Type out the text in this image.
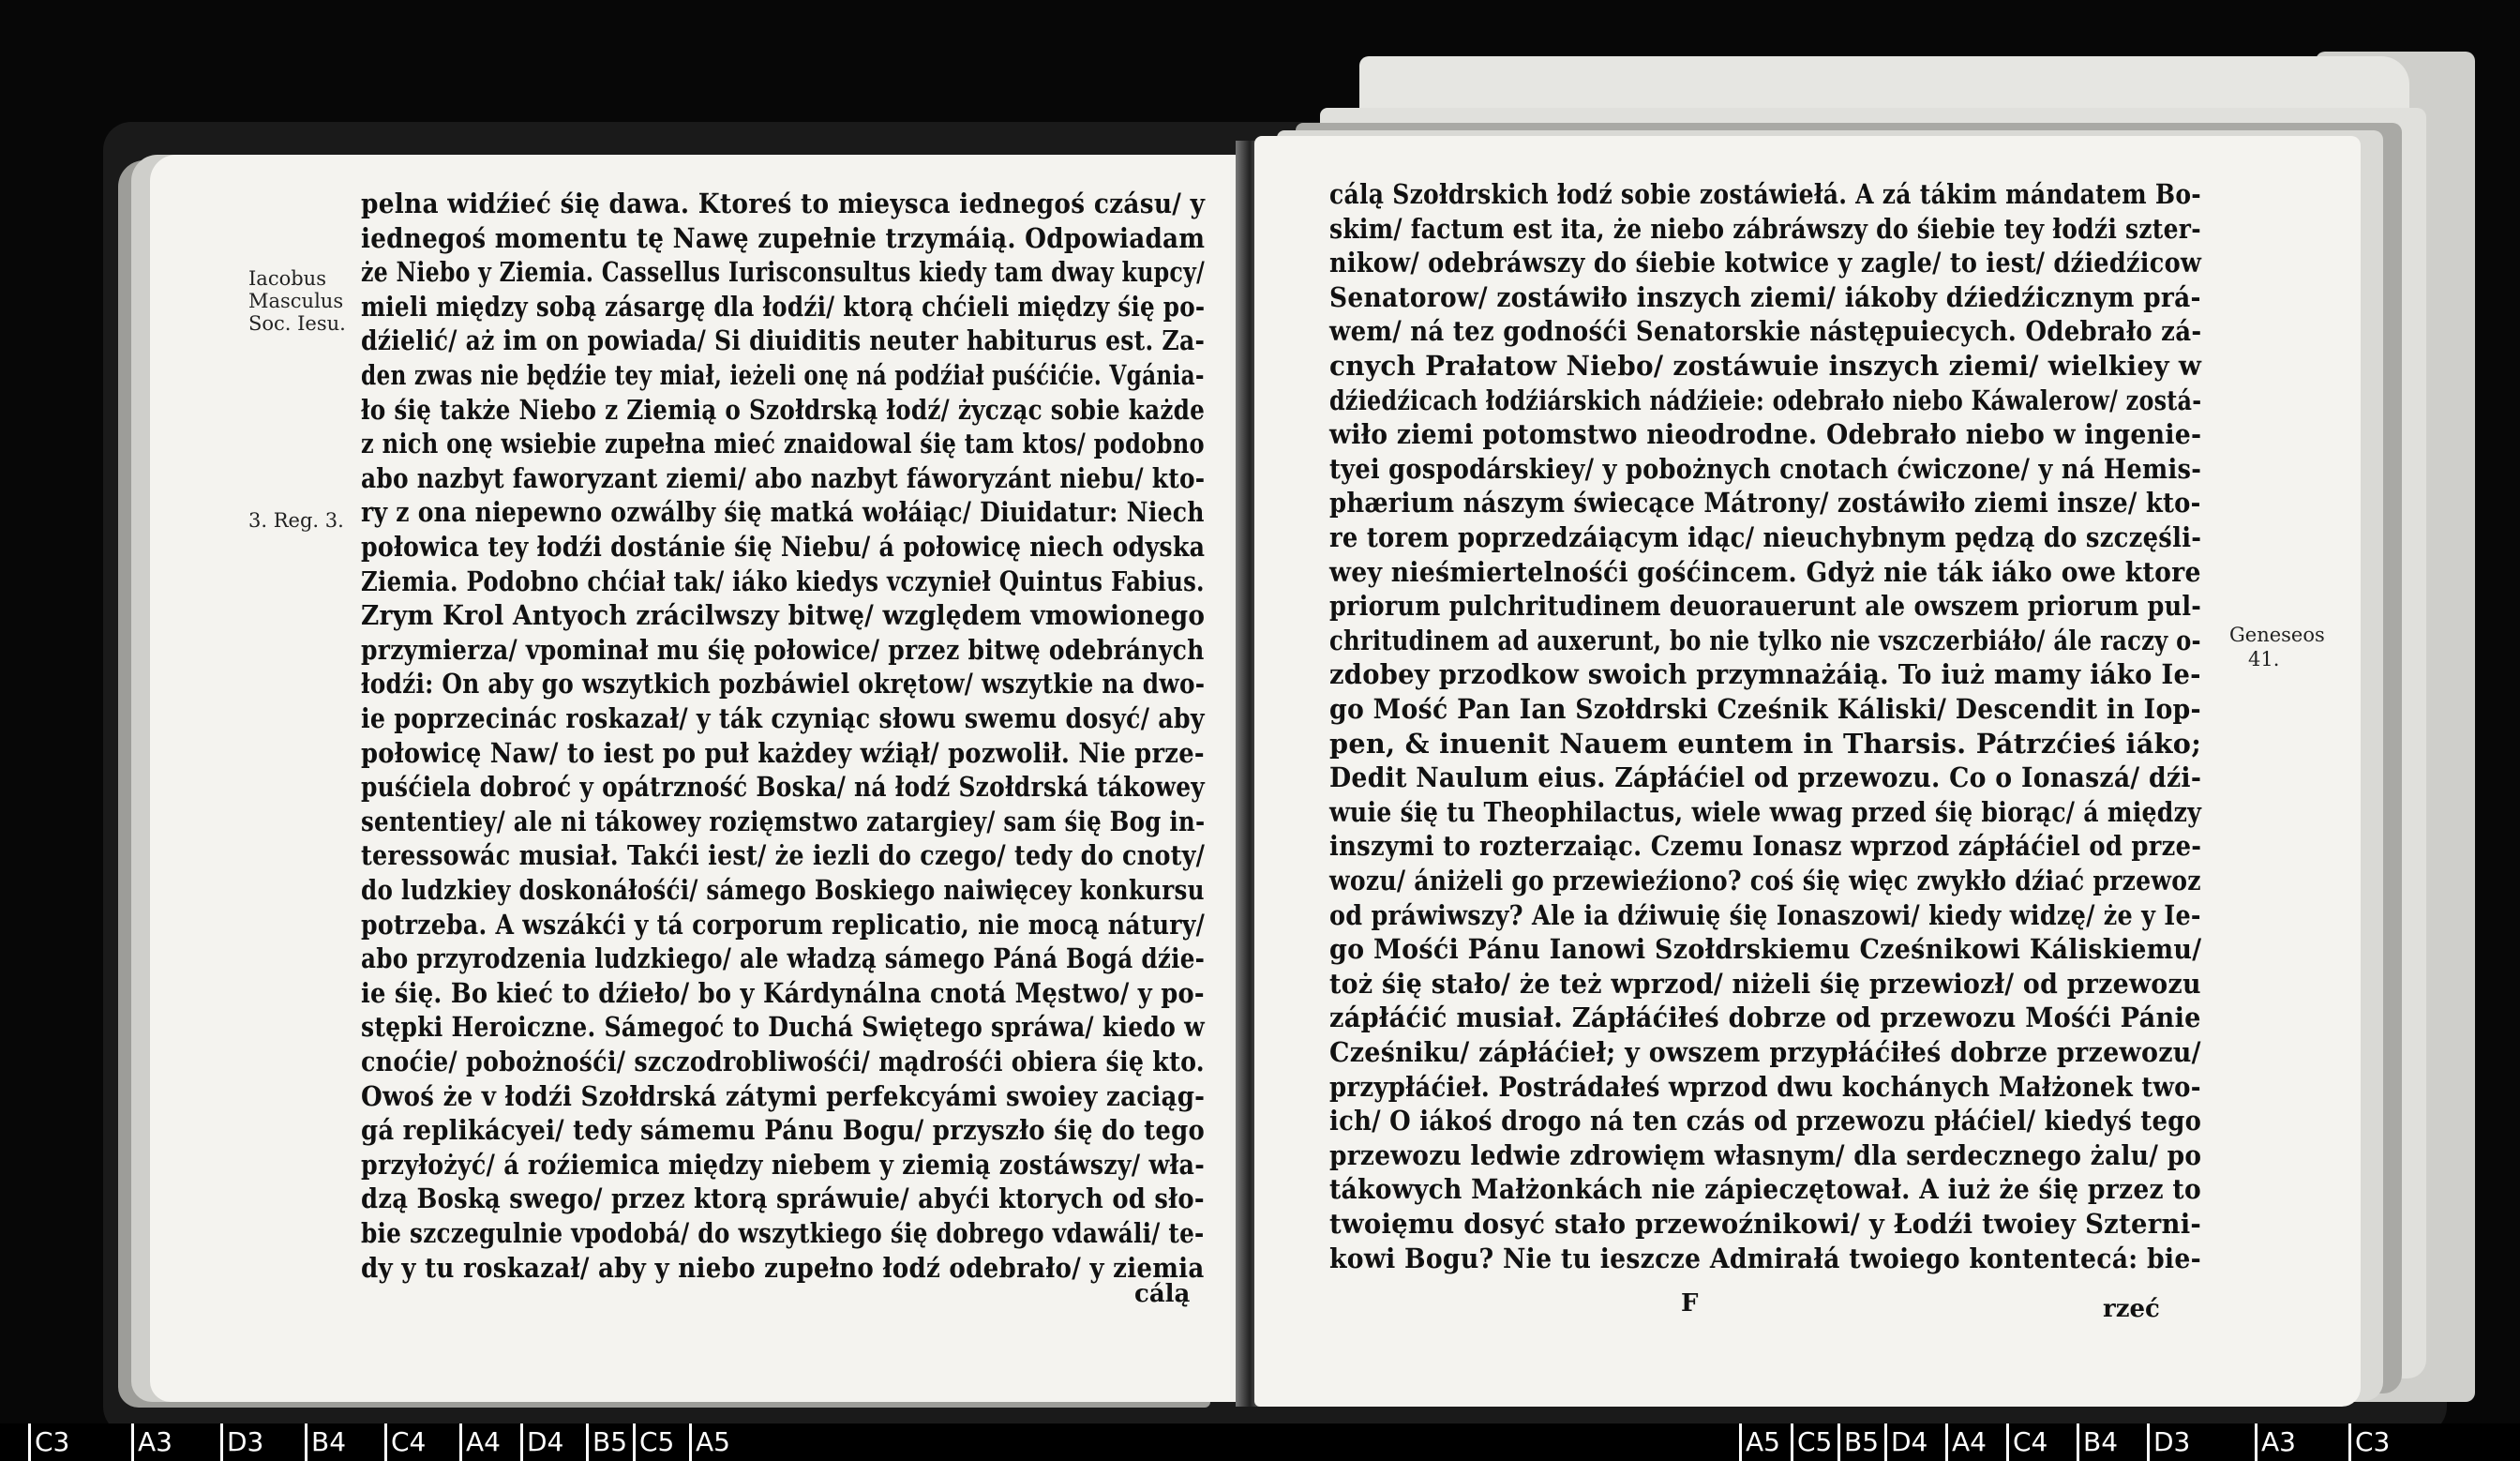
Iacobus
Masculus
Soc. Iesu.
3. Reg. 3.
pelna widźieć śię dawa. Ktoreś to mieysca iednegoś czásu/ y
iednegoś momentu tę Nawę zupełnie trzymáią. Odpowiadam
że Niebo y Ziemia. Cassellus Iurisconsultus kiedy tam dway kupcy/
mieli między sobą zásargę dla łodźi/ ktorą chćieli między śię po-
dźielić/ aż im on powiada/ Si diuiditis neuter habiturus est. Za-
den zwas nie będźie tey miał, ieżeli onę ná podźiał puśćićie. Vgánia-
ło śię także Niebo z Ziemią o Szołdrską łodź/ życząc sobie każde
z nich onę wsiebie zupełna mieć znaidowal śię tam ktos/ podobno
abo nazbyt faworyzant ziemi/ abo nazbyt fáworyzánt niebu/ kto-
ry z ona niepewno ozwálby śię matká wołáiąc/ Diuidatur: Niech
połowica tey łodźi dostánie śię Niebu/ á połowicę niech odyska
Ziemia. Podobno chćiał tak/ iáko kiedys vczynieł Quintus Fabius.
Zrym Krol Antyoch zrácilwszy bitwę/ względem vmowionego
przymierza/ vpominał mu śię połowice/ przez bitwę odebránych
łodźi: On aby go wszytkich pozbáwiel okrętow/ wszytkie na dwo-
ie poprzecinác roskazał/ y ták czyniąc słowu swemu dosyć/ aby
połowicę Naw/ to iest po puł każdey wźiął/ pozwolił. Nie prze-
puśćiela dobroć y opátrzność Boska/ ná łodź Szołdrská tákowey
sententiey/ ale ni tákowey rozięmstwo zatargiey/ sam śię Bog in-
teressowác musiał. Takći iest/ że iezli do czego/ tedy do cnoty/
do ludzkiey doskonáłośći/ sámego Boskiego naiwięcey konkursu
potrzeba. A wszákći y tá corporum replicatio, nie mocą nátury/
abo przyrodzenia ludzkiego/ ale władzą sámego Páná Bogá dźie-
ie śię. Bo kieć to dźieło/ bo y Kárdynálna cnotá Męstwo/ y po-
stępki Heroiczne. Sámegoć to Duchá Swiętego spráwa/ kiedo w
cnoćie/ pobożnośći/ szczodrobliwośći/ mądrośći obiera śię kto.
Owoś że v łodźi Szołdrská zátymi perfekcyámi swoiey zaciąg-
gá replikácyei/ tedy sámemu Pánu Bogu/ przyszło śię do tego
przyłożyć/ á roźiemica między niebem y ziemią zostáwszy/ wła-
dzą Boską swego/ przez ktorą spráwuie/ abyći ktorych od sło-
bie szczegulnie vpodobá/ do wszytkiego śię dobrego vdawáli/ te-
dy y tu roskazał/ aby y niebo zupełno łodź odebrało/ y ziemia
cálą
cálą Szołdrskich łodź sobie zostáwiełá. A zá tákim mándatem Bo-
skim/ factum est ita, że niebo zábráwszy do śiebie tey łodźi szter-
nikow/ odebráwszy do śiebie kotwice y zagle/ to iest/ dźiedźicow
Senatorow/ zostáwiło inszych ziemi/ iákoby dźiedźicznym prá-
wem/ ná tez godnośći Senatorskie nástępuiecych. Odebrało zá-
cnych Prałatow Niebo/ zostáwuie inszych ziemi/ wielkiey w
dźiedźicach łodźiárskich nádźieie: odebrało niebo Káwalerow/ zostá-
wiło ziemi potomstwo nieodrodne. Odebrało niebo w ingenie-
tyei gospodárskiey/ y pobożnych cnotach ćwiczone/ y ná Hemis-
phærium nászym świecące Mátrony/ zostáwiło ziemi insze/ kto-
re torem poprzedzáiącym idąc/ nieuchybnym pędzą do szczęśli-
wey nieśmiertelnośći gośćincem. Gdyż nie ták iáko owe ktore
priorum pulchritudinem deuorauerunt ale owszem priorum pul-
chritudinem ad auxerunt, bo nie tylko nie vszczerbiáło/ ále raczy o-
zdobey przodkow swoich przymnażáią. To iuż mamy iáko Ie-
go Mość Pan Ian Szołdrski Cześnik Káliski/ Descendit in Iop-
pen, & inuenit Nauem euntem in Tharsis. Pátrzćieś iáko;
Dedit Naulum eius. Zápłáćiel od przewozu. Co o Ionaszá/ dźi-
wuie śię tu Theophilactus, wiele wwag przed śię biorąc/ á między
inszymi to rozterzaiąc. Czemu Ionasz wprzod zápłáćiel od prze-
wozu/ ániżeli go przewieźiono? coś śię więc zwykło dźiać przewoz
od práwiwszy? Ale ia dźiwuię śię Ionaszowi/ kiedy widzę/ że y Ie-
go Mośći Pánu Ianowi Szołdrskiemu Cześnikowi Káliskiemu/
toż śię stało/ że też wprzod/ niżeli śię przewiozł/ od przewozu
zápłáćić musiał. Zápłáćiłeś dobrze od przewozu Mośći Pánie
Cześniku/ zápłáćieł; y owszem przypłáćiłeś dobrze przewozu/
przypłáćieł. Postrádałeś wprzod dwu kochánych Małżonek two-
ich/ O iákoś drogo ná ten czás od przewozu płáćiel/ kiedyś tego
przewozu ledwie zdrowięm własnym/ dla serdecznego żalu/ po
tákowych Małżonkách nie zápieczętował. A iuż że śię przez to
twoięmu dosyć stało przewoźnikowi/ y Łodźi twoiey Szterni-
kowi Bogu? Nie tu ieszcze Admirałá twoiego kontentecá: bie-
Geneseos
41.
F	rzeć
C3	A3 D3 B4 C4 A4 D4 B5 C5 A5	A5 C5 B5 D4 A4 C4 B4 D3	A3 C3
